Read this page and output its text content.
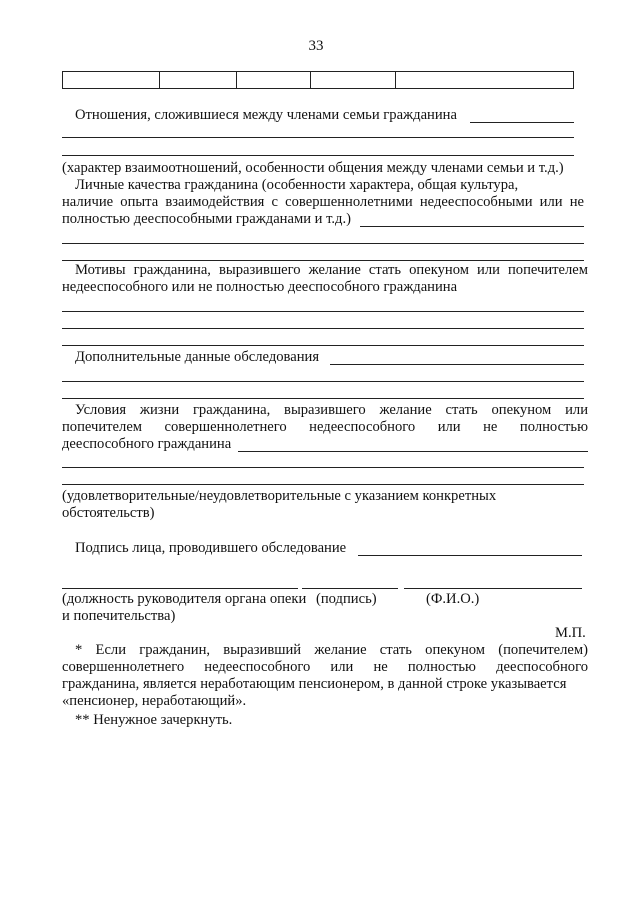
33

Отношения, сложившиеся между членами семьи гражданина
(характер взаимоотношений, особенности общения между членами семьи и т.д.)
Личные качества гражданина (особенности характера, общая культура,
наличие опыта взаимодействия с совершеннолетними недееспособными или не
полностью дееспособными гражданами и т.д.)
Мотивы гражданина, выразившего желание стать опекуном или попечителем
недееспособного или не полностью дееспособного гражданина
Дополнительные данные обследования
Условия жизни гражданина, выразившего желание стать опекуном или
попечителем совершеннолетнего недееспособного или не полностью
дееспособного гражданина
(удовлетворительные/неудовлетворительные с указанием конкретных
обстоятельств)
Подпись лица, проводившего обследование
(должность руководителя органа опеки (подпись)	(Ф.И.О.)
и попечительства)
М.П.
* Если гражданин, выразивший желание стать опекуном (попечителем)
совершеннолетнего недееспособного или не полностью дееспособного
гражданина, является неработающим пенсионером, в данной строке указывается
«пенсионер, неработающий».
** Ненужное зачеркнуть.
